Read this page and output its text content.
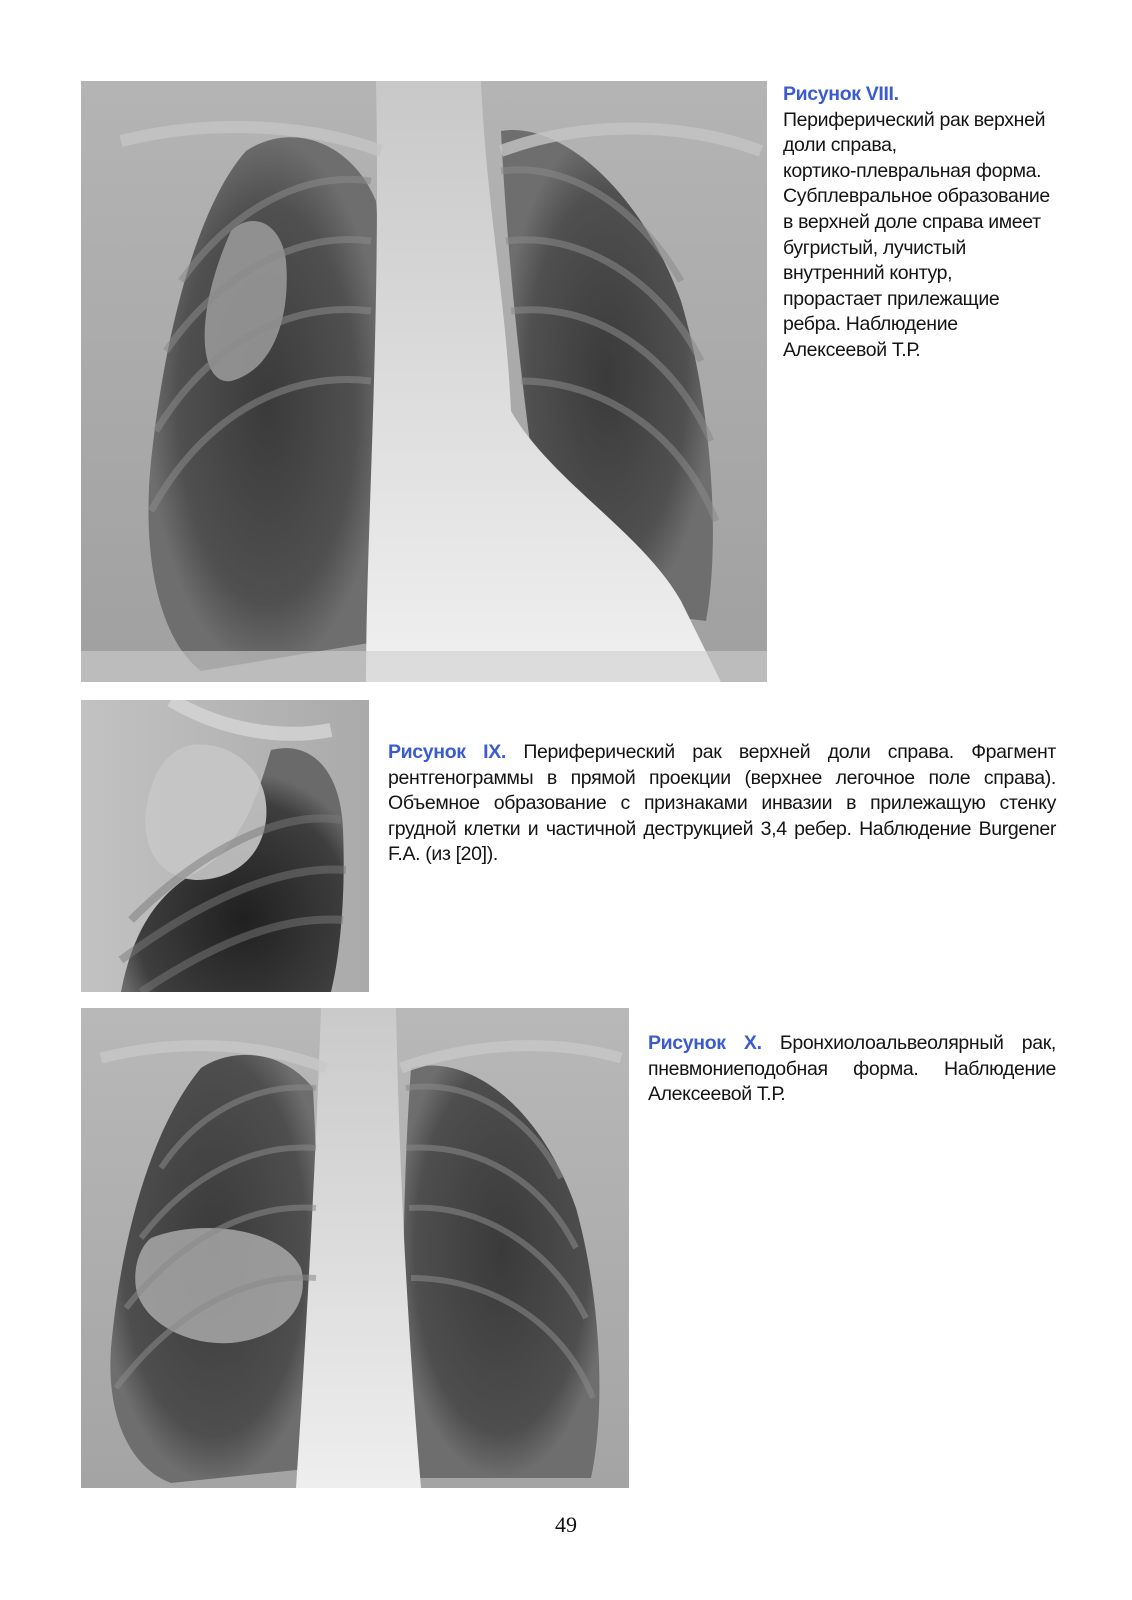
Рисунок VIII.
Периферический рак верхней
доли справа,
кортико-плевральная форма.
Субплевральное образование
в верхней доле справа имеет
бугристый, лучистый
внутренний контур,
прорастает прилежащие
ребра. Наблюдение
Алексеевой Т.Р.
Рисунок IX. Периферический рак верхней доли справа. Фрагмент рентгенограммы в прямой проекции (верхнее легочное поле справа). Объемное образование с признаками инвазии в прилежащую стенку грудной клетки и частичной деструкцией 3,4 ребер. Наблюдение Burgener F.A. (из [20]).
Рисунок X. Бронхиолоальвеолярный рак, пневмониеподобная форма. Наблюдение Алексеевой Т.Р.
49
